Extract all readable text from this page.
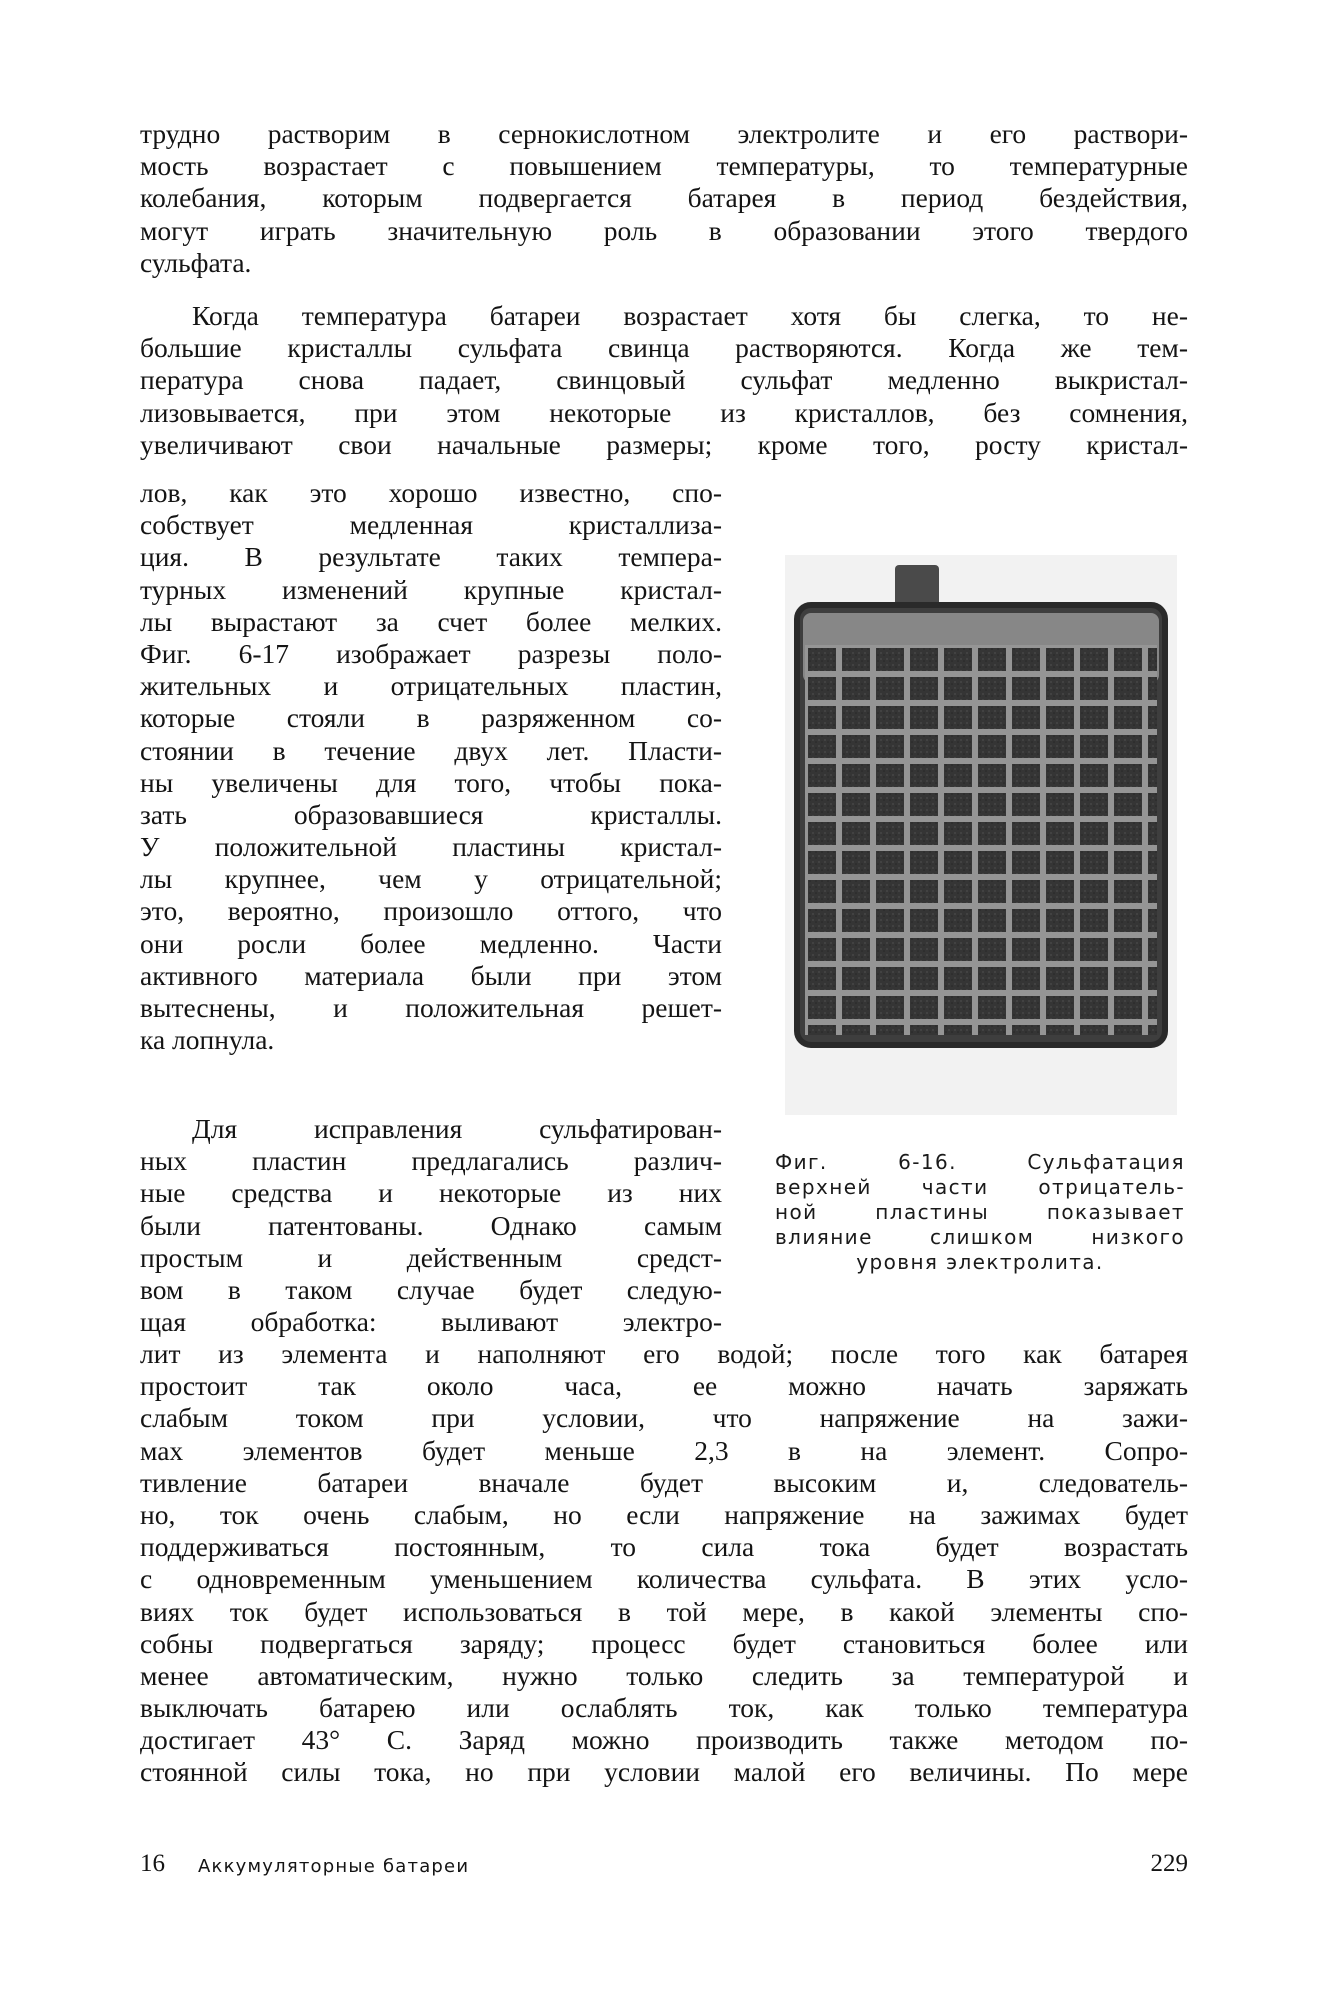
трудно растворим в сернокислотном электролите и его раствори-
мость возрастает с повышением температуры, то температурные
колебания, которым подвергается батарея в период бездействия,
могут играть значительную роль в образовании этого твердого
сульфата.
Когда температура батареи возрастает хотя бы слегка, то не-
большие кристаллы сульфата свинца растворяются. Когда же тем-
пература снова падает, свинцовый сульфат медленно выкристал-
лизовывается, при этом некоторые из кристаллов, без сомнения,
увеличивают свои начальные размеры; кроме того, росту кристал-
лов, как это хорошо известно, спо-
собствует медленная кристаллиза-
ция. В результате таких темпера-
турных изменений крупные кристал-
лы вырастают за счет более мелких.
Фиг. 6-17 изображает разрезы поло-
жительных и отрицательных пластин,
которые стояли в разряженном со-
стоянии в течение двух лет. Пласти-
ны увеличены для того, чтобы пока-
зать образовавшиеся кристаллы.
У положительной пластины кристал-
лы крупнее, чем у отрицательной;
это, вероятно, произошло оттого, что
они росли более медленно. Части
активного материала были при этом
вытеснены, и положительная решет-
ка лопнула.
Для исправления сульфатирован-
ных пластин предлагались различ-
ные средства и некоторые из них
были патентованы. Однако самым
простым и действенным средст-
вом в таком случае будет следую-
щая обработка: выливают электро-
лит из элемента и наполняют его водой; после того как батарея
простоит так около часа, ее можно начать заряжать
слабым током при условии, что напряжение на зажи-
мах элементов будет меньше 2,3 в на элемент. Сопро-
тивление батареи вначале будет высоким и, следователь-
но, ток очень слабым, но если напряжение на зажимах будет
поддерживаться постоянным, то сила тока будет возрастать
с одновременным уменьшением количества сульфата. В этих усло-
виях ток будет использоваться в той мере, в какой элементы спо-
собны подвергаться заряду; процесс будет становиться более или
менее автоматическим, нужно только следить за температурой и
выключать батарею или ослаблять ток, как только температура
достигает 43° С. Заряд можно производить также методом по-
стоянной силы тока, но при условии малой его величины. По мере
Фиг. 6-16. Сульфатация
верхней части отрицатель-
ной пластины показывает
влияние слишком низкого
уровня электролита.
16 Аккумуляторные батареи	229
